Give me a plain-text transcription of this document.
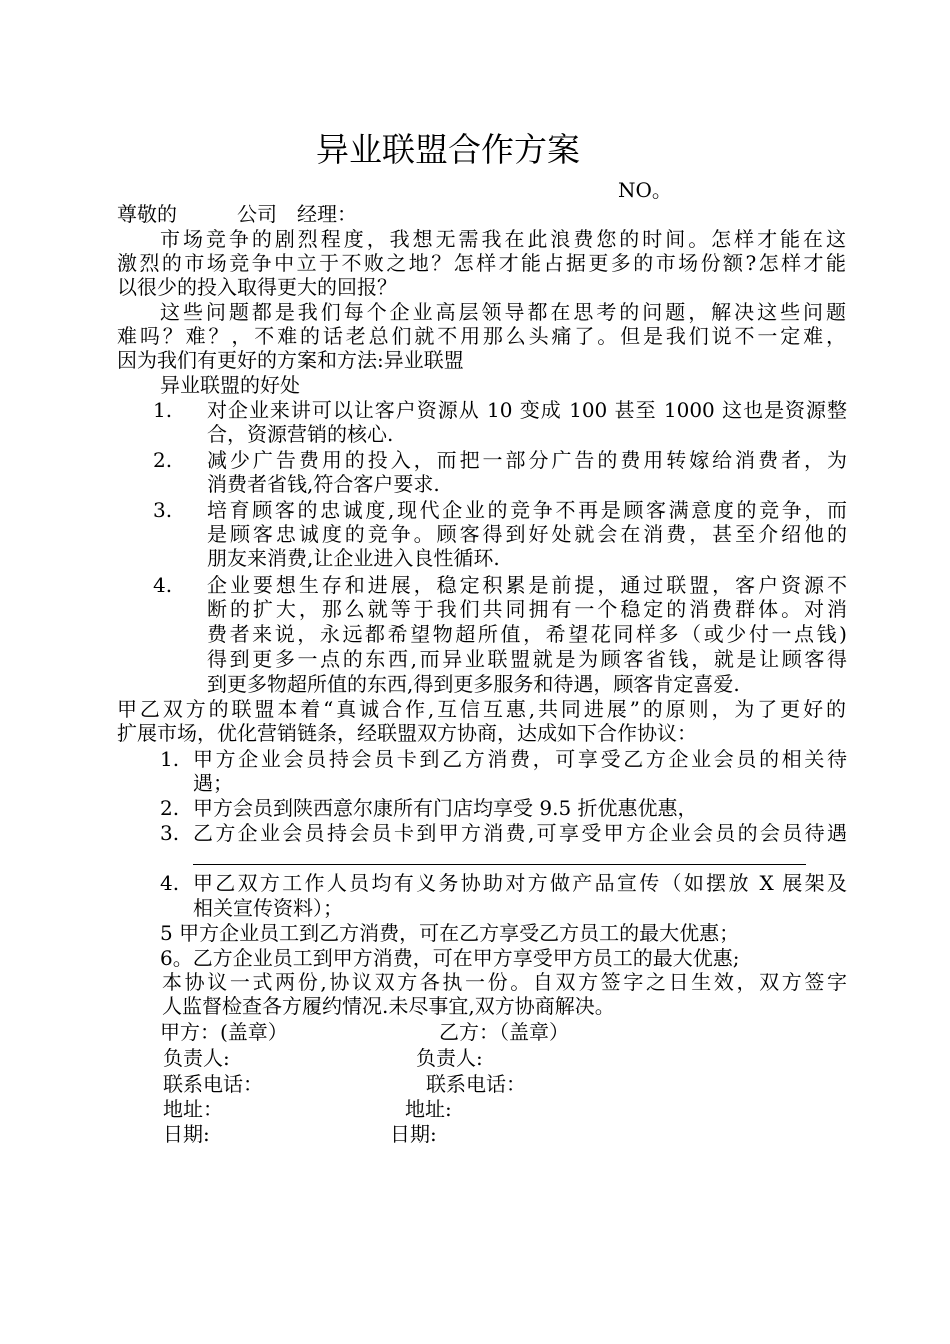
异业联盟合作方案
NO。
尊敬的　　　公司　经理：
市场竞争的剧烈程度，我想无需我在此浪费您的时间。怎样才能在这
激烈的市场竞争中立于不败之地？怎样才能占据更多的市场份额?怎样才能
以很少的投入取得更大的回报？
这些问题都是我们每个企业高层领导都在思考的问题，解决这些问题
难吗？难？，不难的话老总们就不用那么头痛了。但是我们说不一定难，
因为我们有更好的方案和方法:异业联盟
异业联盟的好处
1. 对企业来讲可以让客户资源从 10 变成 100 甚至 1000 这也是资源整
合，资源营销的核心.
2. 减少广告费用的投入，而把一部分广告的费用转嫁给消费者，为
消费者省钱,符合客户要求.
3. 培育顾客的忠诚度,现代企业的竞争不再是顾客满意度的竞争，而
是顾客忠诚度的竞争。顾客得到好处就会在消费，甚至介绍他的
朋友来消费,让企业进入良性循环.
4. 企业要想生存和进展，稳定积累是前提，通过联盟，客户资源不
断的扩大，那么就等于我们共同拥有一个稳定的消费群体。对消
费者来说，永远都希望物超所值，希望花同样多（或少付一点钱)
得到更多一点的东西,而异业联盟就是为顾客省钱，就是让顾客得
到更多物超所值的东西,得到更多服务和待遇，顾客肯定喜爱.
甲乙双方的联盟本着“真诚合作,互信互惠,共同进展”的原则，为了更好的
扩展市场，优化营销链条，经联盟双方协商，达成如下合作协议：
1. 甲方企业会员持会员卡到乙方消费，可享受乙方企业会员的相关待
遇；
2. 甲方会员到陕西意尔康所有门店均享受 9.5 折优惠优惠，
3. 乙方企业会员持会员卡到甲方消费,可享受甲方企业会员的会员待遇
4. 甲乙双方工作人员均有义务协助对方做产品宣传（如摆放 X 展架及
相关宣传资料）；
5 甲方企业员工到乙方消费，可在乙方享受乙方员工的最大优惠；
6。乙方企业员工到甲方消费，可在甲方享受甲方员工的最大优惠;
本协议一式两份,协议双方各执一份。自双方签字之日生效，双方签字
人监督检查各方履约情况.未尽事宜,双方协商解决。
甲方：(盖章）	乙方：（盖章）
负责人:	负责人:
联系电话：	联系电话：
地址：	地址:
日期:	日期:
